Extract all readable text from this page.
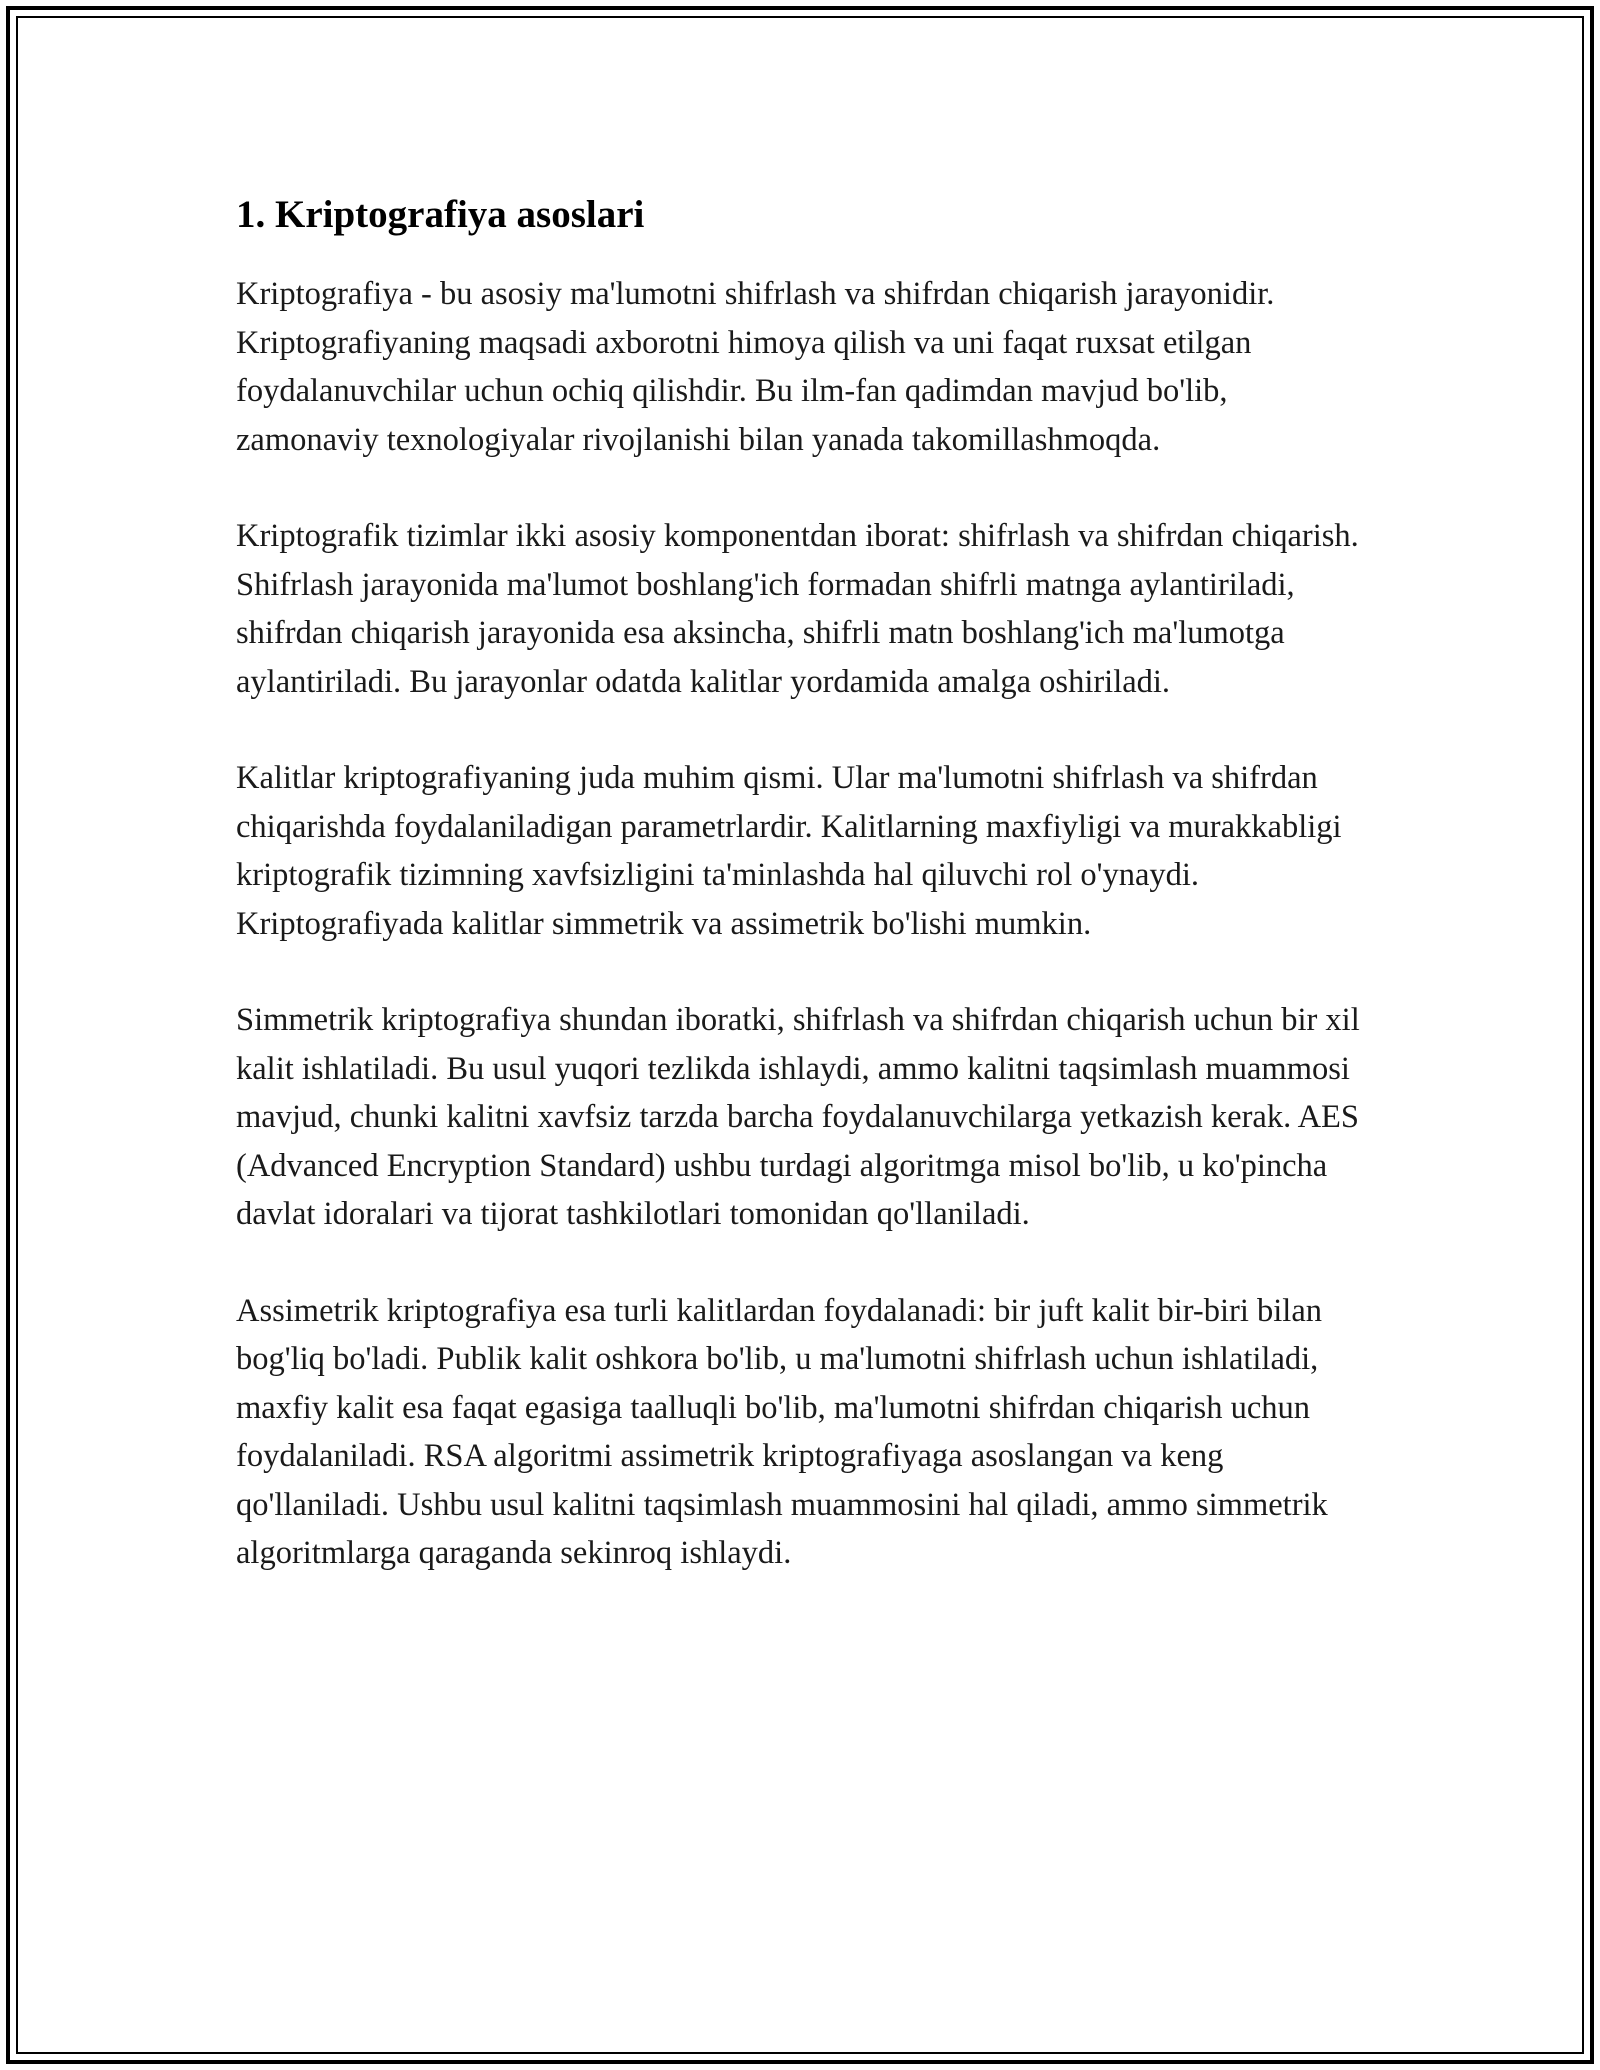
1. Kriptografiya asoslari

Kriptografiya - bu asosiy ma'lumotni shifrlash va shifrdan chiqarish jarayonidir. Kriptografiyaning maqsadi axborotni himoya qilish va uni faqat ruxsat etilgan foydalanuvchilar uchun ochiq qilishdir. Bu ilm-fan qadimdan mavjud bo'lib, zamonaviy texnologiyalar rivojlanishi bilan yanada takomillashmoqda.

Kriptografik tizimlar ikki asosiy komponentdan iborat: shifrlash va shifrdan chiqarish. Shifrlash jarayonida ma'lumot boshlang'ich formadan shifrli matnga aylantiriladi, shifrdan chiqarish jarayonida esa aksincha, shifrli matn boshlang'ich ma'lumotga aylantiriladi. Bu jarayonlar odatda kalitlar yordamida amalga oshiriladi.

Kalitlar kriptografiyaning juda muhim qismi. Ular ma'lumotni shifrlash va shifrdan chiqarishda foydalaniladigan parametrlardir. Kalitlarning maxfiyligi va murakkabligi kriptografik tizimning xavfsizligini ta'minlashda hal qiluvchi rol o'ynaydi. Kriptografiyada kalitlar simmetrik va assimetrik bo'lishi mumkin.

Simmetrik kriptografiya shundan iboratki, shifrlash va shifrdan chiqarish uchun bir xil kalit ishlatiladi. Bu usul yuqori tezlikda ishlaydi, ammo kalitni taqsimlash muammosi mavjud, chunki kalitni xavfsiz tarzda barcha foydalanuvchilarga yetkazish kerak. AES (Advanced Encryption Standard) ushbu turdagi algoritmga misol bo'lib, u ko'pincha davlat idoralari va tijorat tashkilotlari tomonidan qo'llaniladi.

Assimetrik kriptografiya esa turli kalitlardan foydalanadi: bir juft kalit bir-biri bilan bog'liq bo'ladi. Publik kalit oshkora bo'lib, u ma'lumotni shifrlash uchun ishlatiladi, maxfiy kalit esa faqat egasiga taalluqli bo'lib, ma'lumotni shifrdan chiqarish uchun foydalaniladi. RSA algoritmi assimetrik kriptografiyaga asoslangan va keng qo'llaniladi. Ushbu usul kalitni taqsimlash muammosini hal qiladi, ammo simmetrik algoritmlarga qaraganda sekinroq ishlaydi.
